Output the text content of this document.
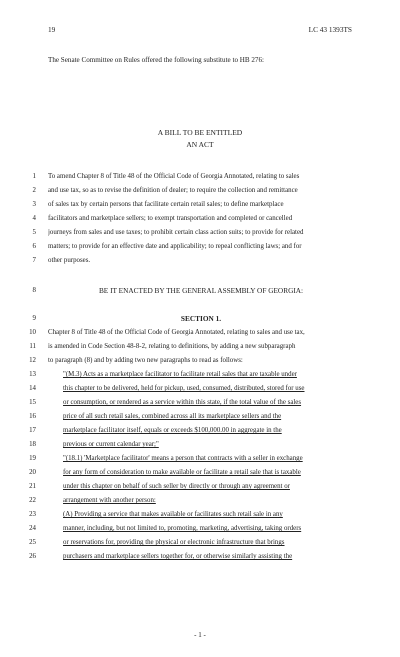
19	LC 43 1393TS
The Senate Committee on Rules offered the following substitute to HB 276:
A BILL TO BE ENTITLED
AN ACT
1 To amend Chapter 8 of Title 48 of the Official Code of Georgia Annotated, relating to sales
2 and use tax, so as to revise the definition of dealer; to require the collection and remittance
3 of sales tax by certain persons that facilitate certain retail sales; to define marketplace
4 facilitators and marketplace sellers; to exempt transportation and completed or cancelled
5 journeys from sales and use taxes; to prohibit certain class action suits; to provide for related
6 matters; to provide for an effective date and applicability; to repeal conflicting laws; and for
7 other purposes.
8	BE IT ENACTED BY THE GENERAL ASSEMBLY OF GEORGIA:
9	SECTION 1.
10 Chapter 8 of Title 48 of the Official Code of Georgia Annotated, relating to sales and use tax,
11 is amended in Code Section 48-8-2, relating to definitions, by adding a new subparagraph
12 to paragraph (8) and by adding two new paragraphs to read as follows:
13	"(M.3) Acts as a marketplace facilitator to facilitate retail sales that are taxable under
14	this chapter to be delivered, held for pickup, used, consumed, distributed, stored for use
15	or consumption, or rendered as a service within this state, if the total value of the sales
16	price of all such retail sales, combined across all its marketplace sellers and the
17	marketplace facilitator itself, equals or exceeds $100,000.00 in aggregate in the
18	previous or current calendar year;"
19	"(18.1) 'Marketplace facilitator' means a person that contracts with a seller in exchange
20	for any form of consideration to make available or facilitate a retail sale that is taxable
21	under this chapter on behalf of such seller by directly or through any agreement or
22	arrangement with another person:
23	(A) Providing a service that makes available or facilitates such retail sale in any
24	manner, including, but not limited to, promoting, marketing, advertising, taking orders
25	or reservations for, providing the physical or electronic infrastructure that brings
26	purchasers and marketplace sellers together for, or otherwise similarly assisting the
- 1 -
